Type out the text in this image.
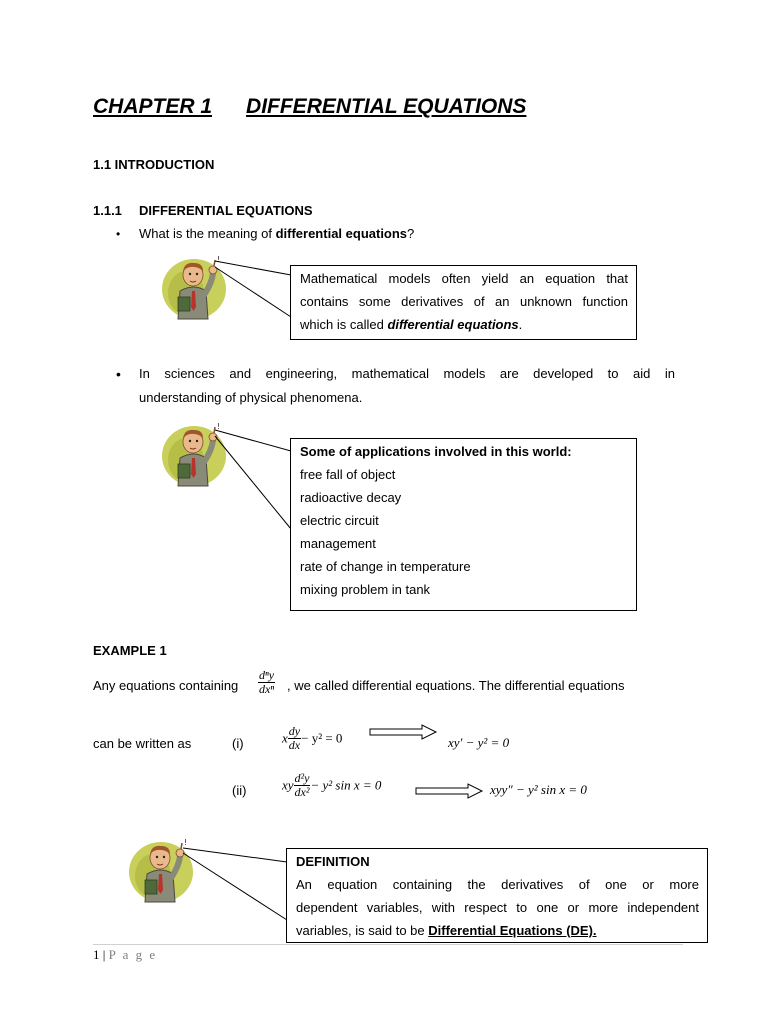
CHAPTER 1 DIFFERENTIAL EQUATIONS
1.1 INTRODUCTION
1.1.1 DIFFERENTIAL EQUATIONS
• What is the meaning of differential equations?
Mathematical models often yield an equation that
contains some derivatives of an unknown function
which is called differential equations.
• In sciences and engineering, mathematical models are developed to aid in
understanding of physical phenomena.
Some of applications involved in this world:
free fall of object
radioactive decay
electric circuit
management
rate of change in temperature
mixing problem in tank
EXAMPLE 1
Any equations containing $\frac{\text{dⁿy}}{\text{dxⁿ}}$ , we called differential equations. The differential equations
can be written as	(i)	x $\frac{dy}{dx} - y^2 = 0$	xy′ − y² = 0
(ii)	xy $\frac{\text{d²y}}{\text{dx²}} - y^2$ sin x = 0	xyy″ − y² sin x = 0
DEFINITION
An equation containing the derivatives of one or more
dependent variables, with respect to one or more independent
variables, is said to be Differential Equations (DE).
1 | P a g e
